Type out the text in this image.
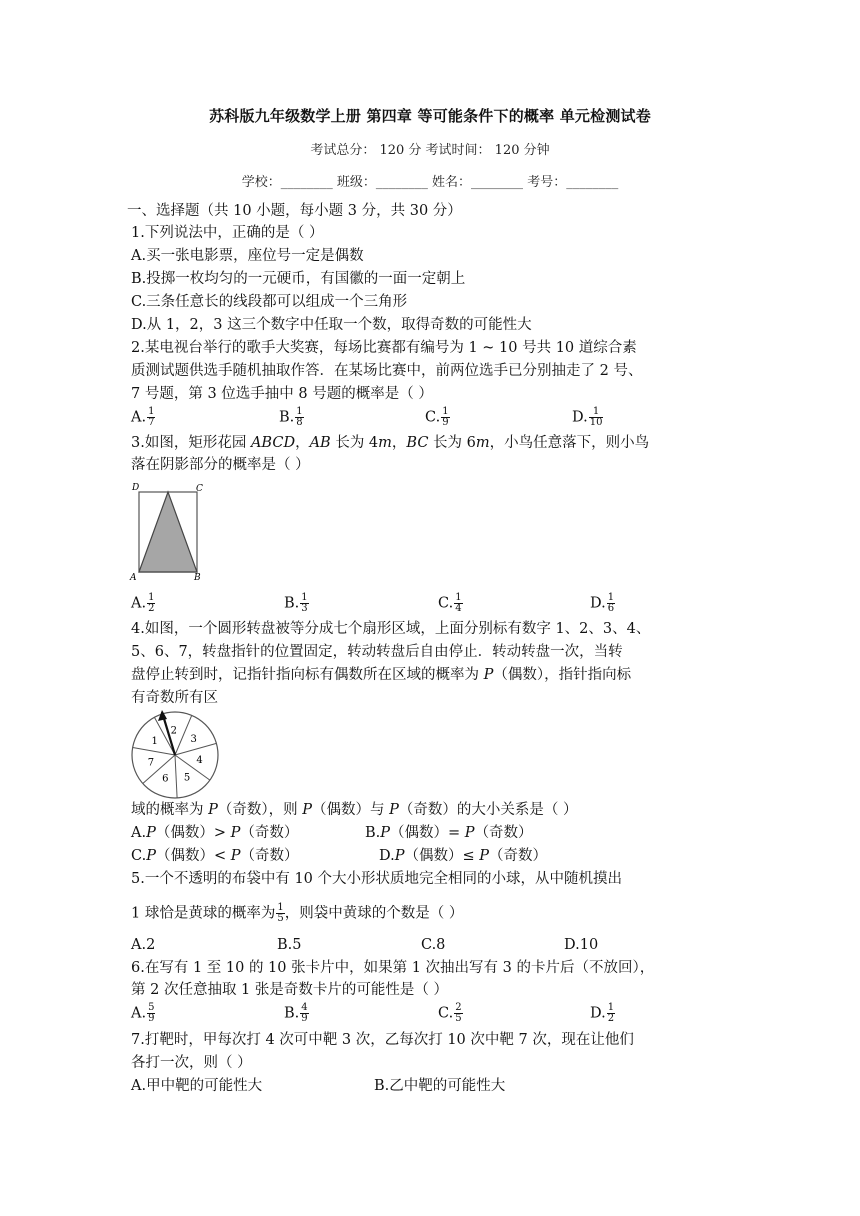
苏科版九年级数学上册 第四章 等可能条件下的概率 单元检测试卷
考试总分： 120 分 考试时间： 120 分钟
学校：________ 班级：________ 姓名：________ 考号：________
一、选择题（共 10 小题，每小题 3 分，共 30 分）
1.下列说法中，正确的是（ ）
A.买一张电影票，座位号一定是偶数
B.投掷一枚均匀的一元硬币，有国徽的一面一定朝上
C.三条任意长的线段都可以组成一个三角形
D.从 1，2，3 这三个数字中任取一个数，取得奇数的可能性大
2.某电视台举行的歌手大奖赛，每场比赛都有编号为 1 ~ 10 号共 10 道综合素
质测试题供选手随机抽取作答．在某场比赛中，前两位选手已分别抽走了 2 号、
7 号题，第 3 位选手抽中 8 号题的概率是（ ）
A. $\frac{1}{7}$	B. $\frac{1}{8}$	C. $\frac{1}{9}$	D. $\frac{1}{10}$
3.如图，矩形花园 ABCD，AB 长为 4m，BC 长为 6m，小鸟任意落下，则小鸟
落在阴影部分的概率是（ ）
D	C
A	B
A. $\frac{1}{2}$	B. $\frac{1}{3}$	C. $\frac{1}{4}$	D. $\frac{1}{6}$
4.如图，一个圆形转盘被等分成七个扇形区域，上面分别标有数字 1、2、3、4、
5、6、7，转盘指针的位置固定，转动转盘后自由停止．转动转盘一次，当转
盘停止转到时，记指针指向标有偶数所在区域的概率为 P（偶数），指针指向标
有奇数所有区
1
2
3
4
5
6
7
域的概率为 P（奇数），则 P（偶数）与 P（奇数）的大小关系是（ ）
A.P（偶数）> P（奇数）	B.P（偶数）= P（奇数）
C.P（偶数）< P（奇数）	D.P（偶数）≤ P（奇数）
5.一个不透明的布袋中有 10 个大小形状质地完全相同的小球，从中随机摸出
1 球恰是黄球的概率为 $\frac{1}{5}$ ，则袋中黄球的个数是（ ）
A.2	B.5	C.8	D.10
6.在写有 1 至 10 的 10 张卡片中，如果第 1 次抽出写有 3 的卡片后（不放回），
第 2 次任意抽取 1 张是奇数卡片的可能性是（ ）
A. $\frac{5}{9}$	B. $\frac{4}{9}$	C. $\frac{2}{5}$	D. $\frac{1}{2}$
7.打靶时，甲每次打 4 次可中靶 3 次，乙每次打 10 次中靶 7 次，现在让他们
各打一次，则（ ）
A.甲中靶的可能性大	B.乙中靶的可能性大
